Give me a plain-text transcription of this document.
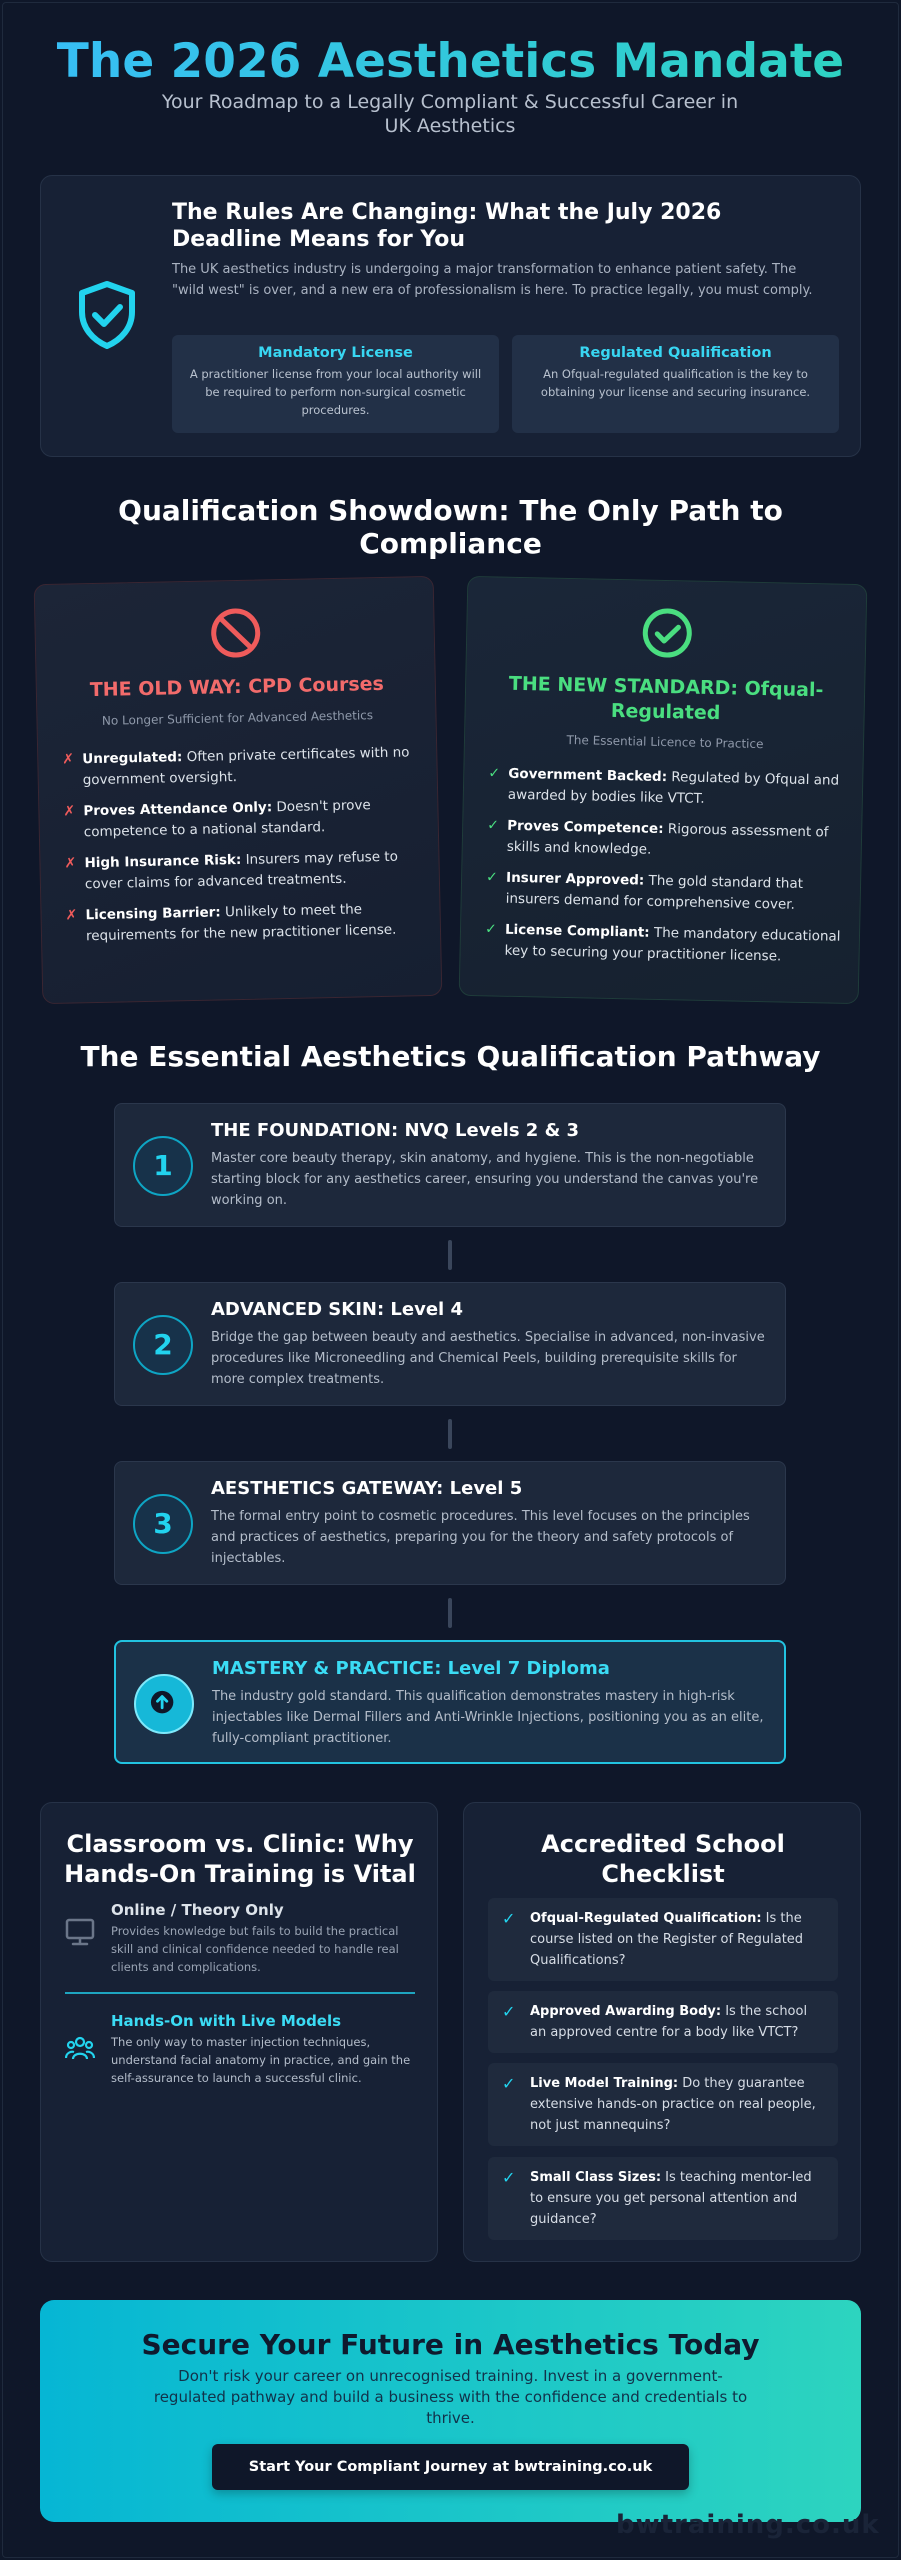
The 2026 Aesthetics Mandate
Your Roadmap to a Legally Compliant & Successful Career in UK Aesthetics
The Rules Are Changing: What the July 2026 Deadline Means for You
The UK aesthetics industry is undergoing a major transformation to enhance patient safety. The "wild west" is over, and a new era of professionalism is here. To practice legally, you must comply.
Mandatory License
A practitioner license from your local authority will be required to perform non-surgical cosmetic procedures.
Regulated Qualification
An Ofqual-regulated qualification is the key to obtaining your license and securing insurance.
Qualification Showdown: The Only Path to Compliance
THE OLD WAY: CPD Courses
No Longer Sufficient for Advanced Aesthetics
✗ Unregulated: Often private certificates with no government oversight.
✗ Proves Attendance Only: Doesn't prove competence to a national standard.
✗ High Insurance Risk: Insurers may refuse to cover claims for advanced treatments.
✗ Licensing Barrier: Unlikely to meet the requirements for the new practitioner license.
THE NEW STANDARD: Ofqual-Regulated
The Essential Licence to Practice
✓ Government Backed: Regulated by Ofqual and awarded by bodies like VTCT.
✓ Proves Competence: Rigorous assessment of skills and knowledge.
✓ Insurer Approved: The gold standard that insurers demand for comprehensive cover.
✓ License Compliant: The mandatory educational key to securing your practitioner license.
The Essential Aesthetics Qualification Pathway
1
THE FOUNDATION: NVQ Levels 2 & 3
Master core beauty therapy, skin anatomy, and hygiene. This is the non-negotiable starting block for any aesthetics career, ensuring you understand the canvas you're working on.
2
ADVANCED SKIN: Level 4
Bridge the gap between beauty and aesthetics. Specialise in advanced, non-invasive procedures like Microneedling and Chemical Peels, building prerequisite skills for more complex treatments.
3
AESTHETICS GATEWAY: Level 5
The formal entry point to cosmetic procedures. This level focuses on the principles and practices of aesthetics, preparing you for the theory and safety protocols of injectables.
MASTERY & PRACTICE: Level 7 Diploma
The industry gold standard. This qualification demonstrates mastery in high-risk injectables like Dermal Fillers and Anti-Wrinkle Injections, positioning you as an elite, fully-compliant practitioner.
Classroom vs. Clinic: Why Hands-On Training is Vital
Online / Theory Only
Provides knowledge but fails to build the practical skill and clinical confidence needed to handle real clients and complications.
Hands-On with Live Models
The only way to master injection techniques, understand facial anatomy in practice, and gain the self-assurance to launch a successful clinic.
Accredited School Checklist
✓ Ofqual-Regulated Qualification: Is the course listed on the Register of Regulated Qualifications?
✓ Approved Awarding Body: Is the school an approved centre for a body like VTCT?
✓ Live Model Training: Do they guarantee extensive hands-on practice on real people, not just mannequins?
✓ Small Class Sizes: Is teaching mentor-led to ensure you get personal attention and guidance?
Secure Your Future in Aesthetics Today
Don't risk your career on unrecognised training. Invest in a government-regulated pathway and build a business with the confidence and credentials to thrive.
Start Your Compliant Journey at bwtraining.co.uk
bwtraining.co.uk
